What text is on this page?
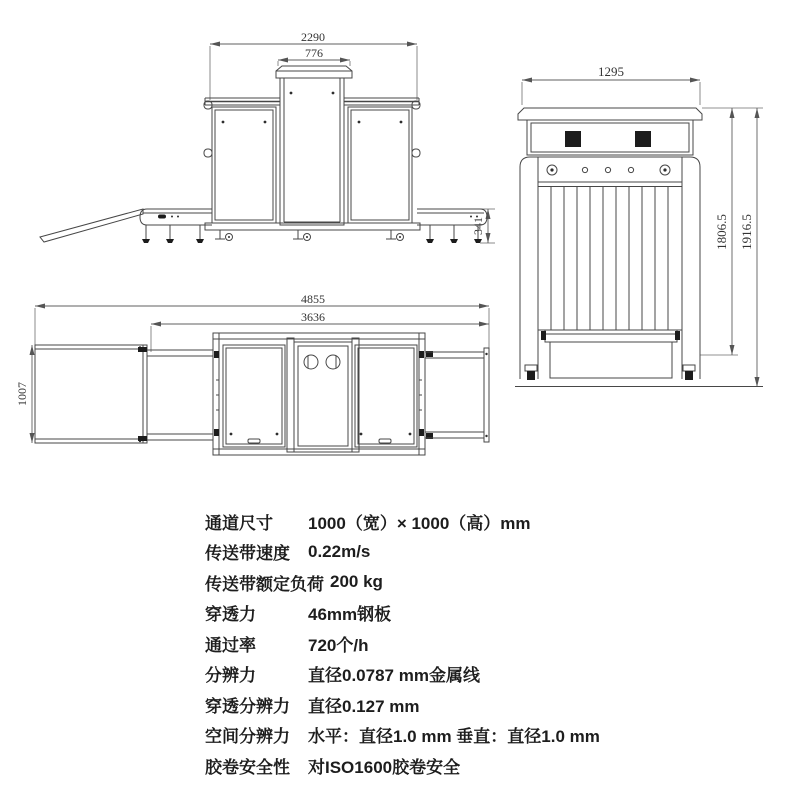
2290
776
341
1295
1806.5 1916.5
4855
3636
1007
通道尺寸	1000（宽）× 1000（高）mm
传送带速度	0.22m/s
传送带额定负荷 200 kg
穿透力	46mm钢板
通过率	720个/h
分辨力	直径0.0787 mm金属线
穿透分辨力	直径0.127 mm
空间分辨力	水平：直径1.0 mm 垂直：直径1.0 mm
胶卷安全性	对ISO1600胶卷安全
